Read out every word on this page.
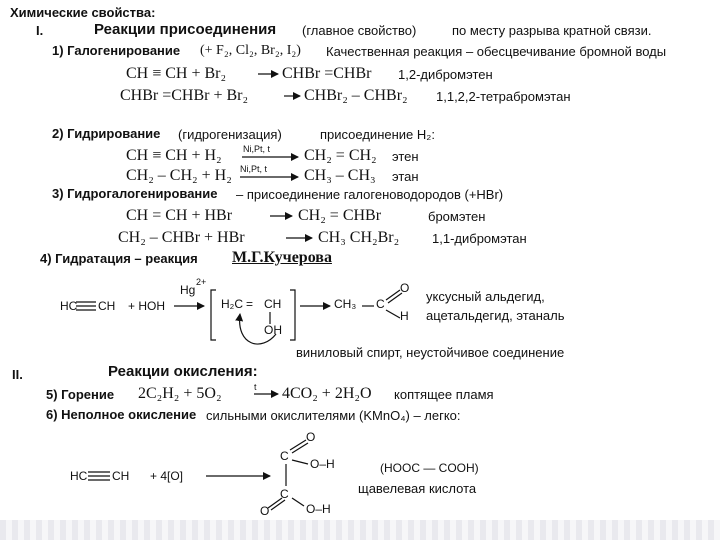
Химические свойства:
I.	Реакции присоединения (главное свойство)	по месту разрыва кратной связи.
1) Галогенирование (+ F₂, Cl₂, Br₂, I₂) Качественная реакция – обесцвечивание бромной воды
CH ≡ CH + Br₂	CHBr =CHBr 1,2-дибромэтен
CHBr =CHBr + Br₂	CHBr₂ – CHBr₂ 1,1,2,2-тетрабромэтан
2) Гидрирование (гидрогенизация)	присоединение H₂:
CH ≡ CH + H₂ Ni,Pt, t CH₂ = CH₂ этен
CH₂ – CH₂ + H₂ Ni,Pt, t CH₃ – CH₃ этан
3) Гидрогалогенирование – присоединение галогеноводородов (+HBr)
CH = CH + HBr	CH₂ = CHBr	бромэтен
CH₂ – CHBr + HBr	CH₃ CH₂Br₂	1,1-дибромэтан
4) Гидратация – реакция М.Г.Кучерова
HC CH + HOH
Hg
2+
H₂C = CH
OH
CH₃ C
O
H
уксусный альдегид,
ацетальдегид, этаналь
виниловый спирт, неустойчивое соединение
II.	Реакции окисления:
5) Горение 2C₂H₂ + 5O₂	t 4CO₂ + 2H₂O коптящее пламя
6) Неполное окисление сильными окислителями (KMnO₄) – легко:
HC CH + 4[O]
C
O
O–H
C
O	O–H
(HOOC — COOH)
щавелевая кислота
